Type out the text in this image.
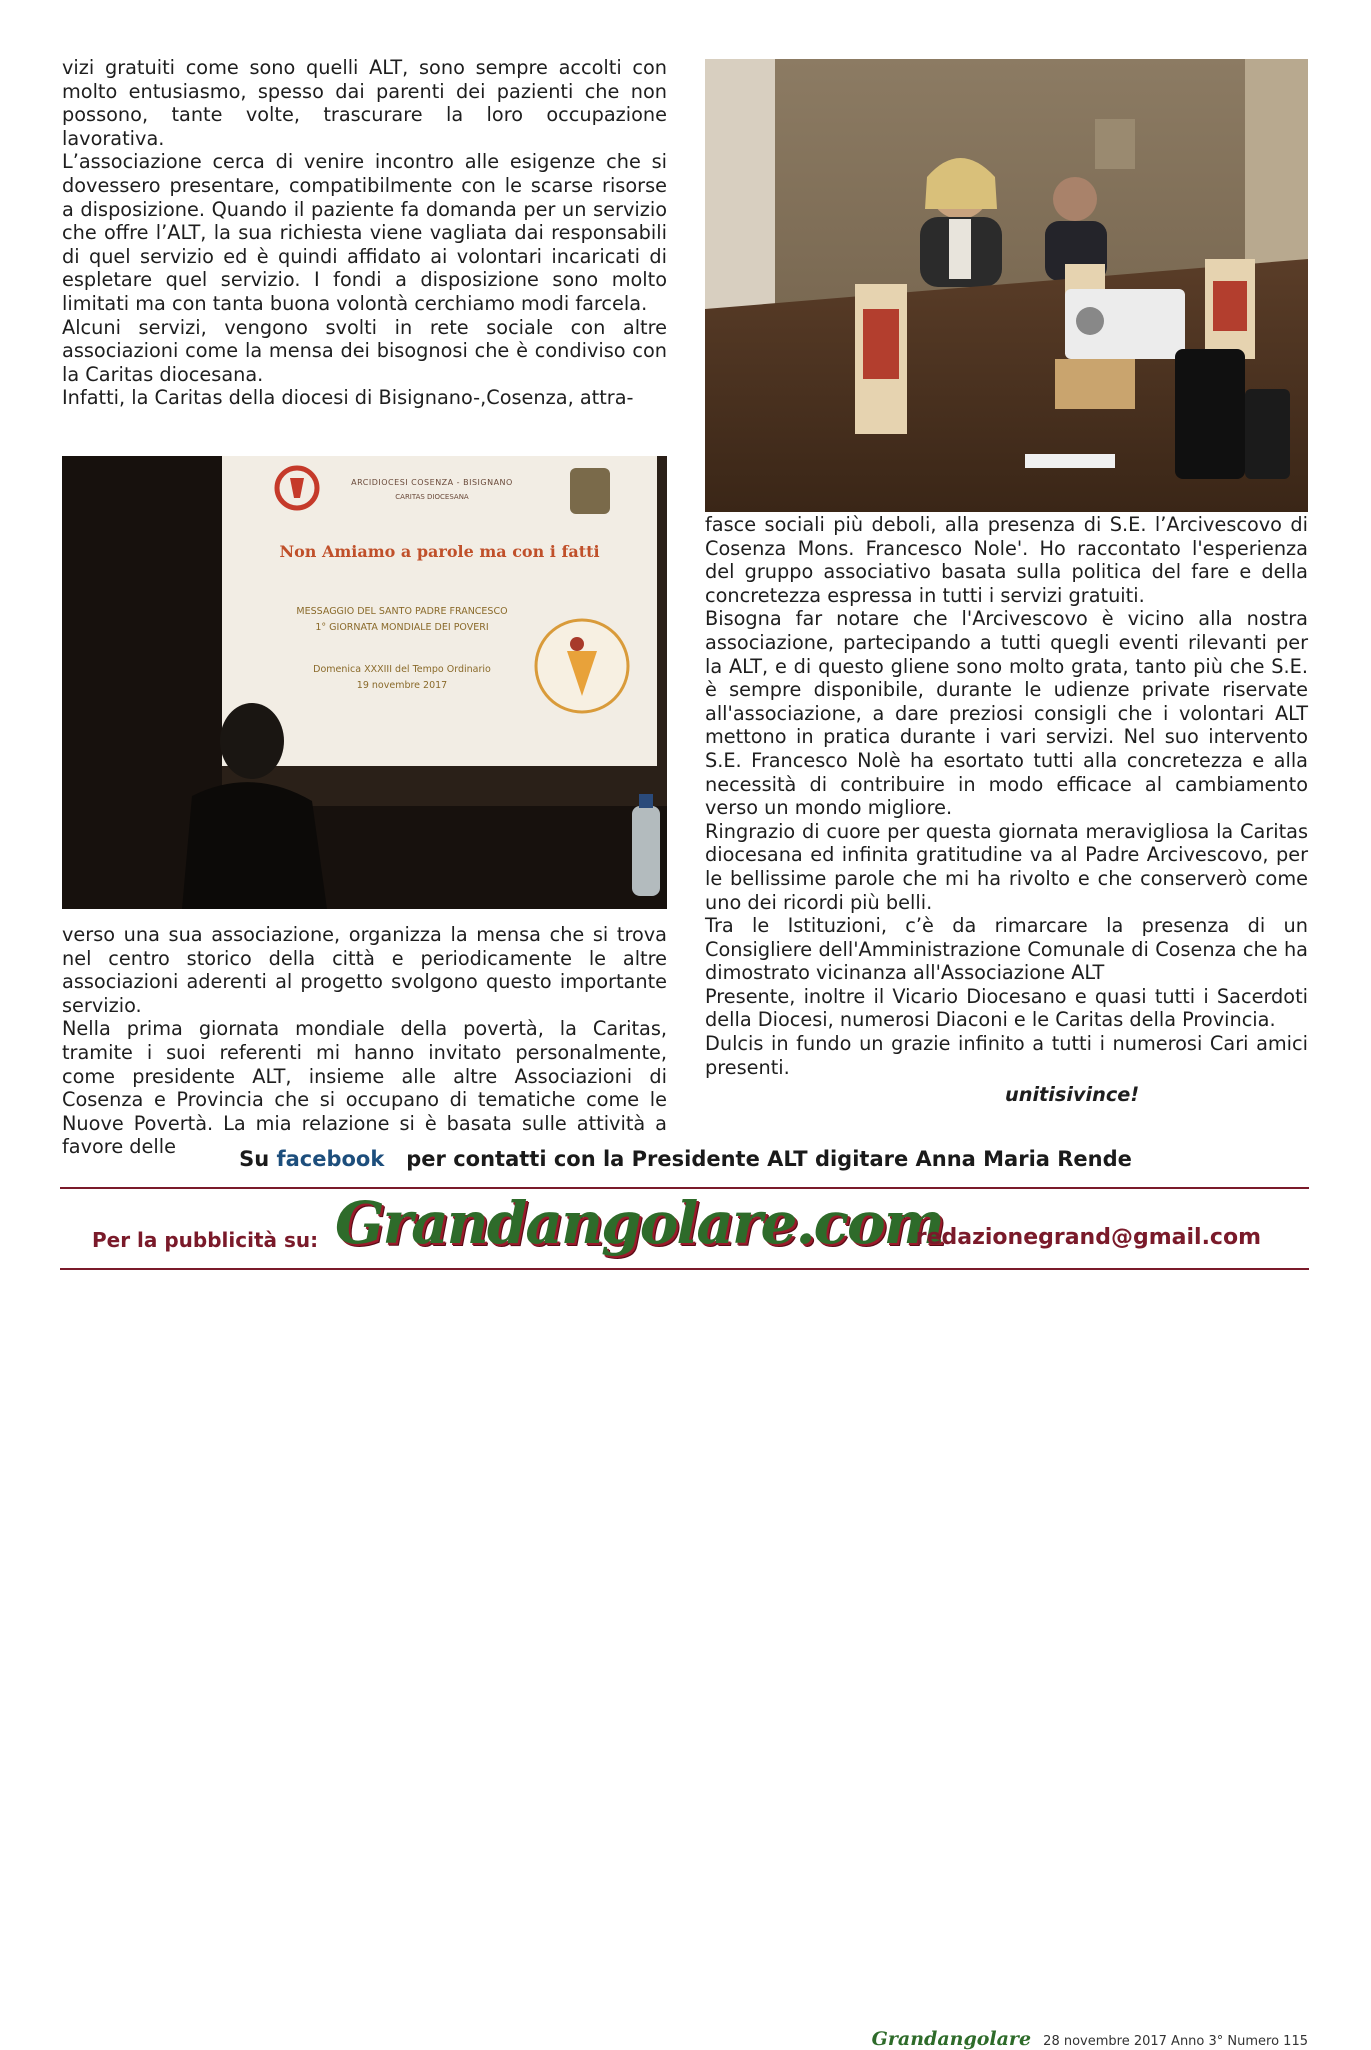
vizi gratuiti come sono quelli ALT, sono sempre accolti con molto entusiasmo, spesso dai parenti dei pazienti che non possono, tante volte, trascurare la loro occupazione lavorativa.

L’associazione cerca di venire incontro alle esigenze che si dovessero presentare, compatibilmente con le scarse risorse a disposizione. Quando il paziente fa domanda per un servizio che offre l’ALT, la sua richiesta viene vagliata dai responsabili di quel servizio ed è quindi affidato ai volontari incaricati di espletare quel servizio. I fondi a disposizione sono molto limitati ma con tanta buona volontà cerchiamo modi farcela.

Alcuni servizi, vengono svolti in rete sociale con altre associazioni come la mensa dei bisognosi che è condiviso con la Caritas diocesana.

Infatti, la Caritas della diocesi di Bisignano-,Cosenza, attra-

ARCIDIOCESI COSENZA - BISIGNANO
CARITAS DIOCESANA
Non Amiamo a parole ma con i fatti
MESSAGGIO DEL SANTO PADRE FRANCESCO
1° GIORNATA MONDIALE DEI POVERI
Domenica XXXIII del Tempo Ordinario
19 novembre 2017

verso una sua associazione, organizza la mensa che si trova nel centro storico della città e periodicamente le altre associazioni aderenti al progetto svolgono questo importante servizio.

Nella prima giornata mondiale della povertà, la Caritas, tramite i suoi referenti mi hanno invitato personalmente, come presidente ALT, insieme alle altre Associazioni di Cosenza e Provincia che si occupano di tematiche come le Nuove Povertà. La mia relazione si è basata sulle attività a favore delle

fasce sociali più deboli, alla presenza di S.E. l’Arcivescovo di Cosenza Mons. Francesco Nole'. Ho raccontato l'esperienza del gruppo associativo basata sulla politica del fare e della concretezza espressa in tutti i servizi gratuiti.

Bisogna far notare che l'Arcivescovo è vicino alla nostra associazione, partecipando a tutti quegli eventi rilevanti per la ALT, e di questo gliene sono molto grata, tanto più che S.E. è sempre disponibile, durante le udienze private riservate all'associazione, a dare preziosi consigli che i volontari ALT mettono in pratica durante i vari servizi. Nel suo intervento S.E. Francesco Nolè ha esortato tutti alla concretezza e alla necessità di contribuire in modo efficace al cambiamento verso un mondo migliore.

Ringrazio di cuore per questa giornata meravigliosa la Caritas diocesana ed infinita gratitudine va al Padre Arcivescovo, per le bellissime parole che mi ha rivolto e che conserverò come uno dei ricordi più belli.

Tra le Istituzioni, c’è da rimarcare la presenza di un Consigliere dell'Amministrazione Comunale di Cosenza che ha dimostrato vicinanza all'Associazione ALT

Presente, inoltre il Vicario Diocesano e quasi tutti i Sacerdoti della Diocesi, numerosi Diaconi e le Caritas della Provincia.

Dulcis in fundo un grazie infinito a tutti i numerosi Cari amici presenti.

unitisivince!

Su facebook per contatti con la Presidente ALT digitare Anna Maria Rende
Per la pubblicità su: Grandangolare.com
redazionegrand@gmail.com
Grandangolare 28 novembre 2017 Anno 3° Numero 115
